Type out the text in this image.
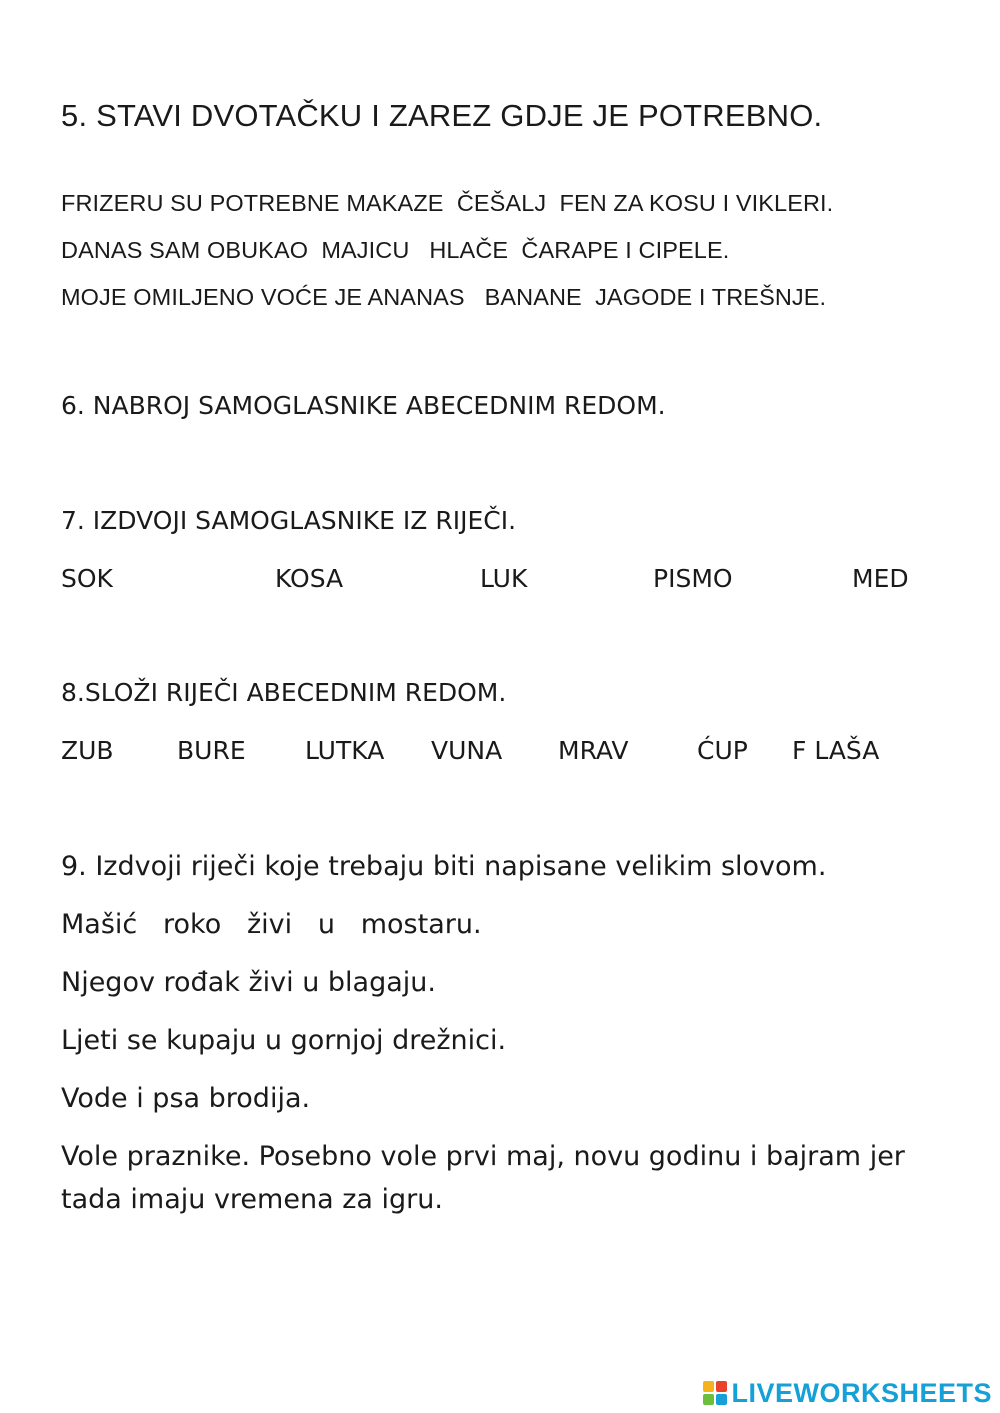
5. STAVI DVOTAČKU I ZAREZ GDJE JE POTREBNO.
FRIZERU SU POTREBNE MAKAZE  ČEŠALJ  FEN ZA KOSU I VIKLERI.
DANAS SAM OBUKAO  MAJICU   HLAČE  ČARAPE I CIPELE.
MOJE OMILJENO VOĆE JE ANANAS   BANANE  JAGODE I TREŠNJE.
6. NABROJ SAMOGLASNIKE ABECEDNIM REDOM.
7. IZDVOJI SAMOGLASNIKE IZ RIJEČI.
SOK	KOSA	LUK	PISMO	MED
8.SLOŽI RIJEČI ABECEDNIM REDOM.
ZUB	BURE LUTKA VUNA MRAV	ĆUP F LAŠA
9. Izdvoji riječi koje trebaju biti napisane velikim slovom.
Mašić   roko   živi   u   mostaru.
Njegov rođak živi u blagaju.
Ljeti se kupaju u gornjoj drežnici.
Vode i psa brodija.
Vole praznike. Posebno vole prvi maj, novu godinu i bajram jer
tada imaju vremena za igru.
LIVEWORKSHEETS
